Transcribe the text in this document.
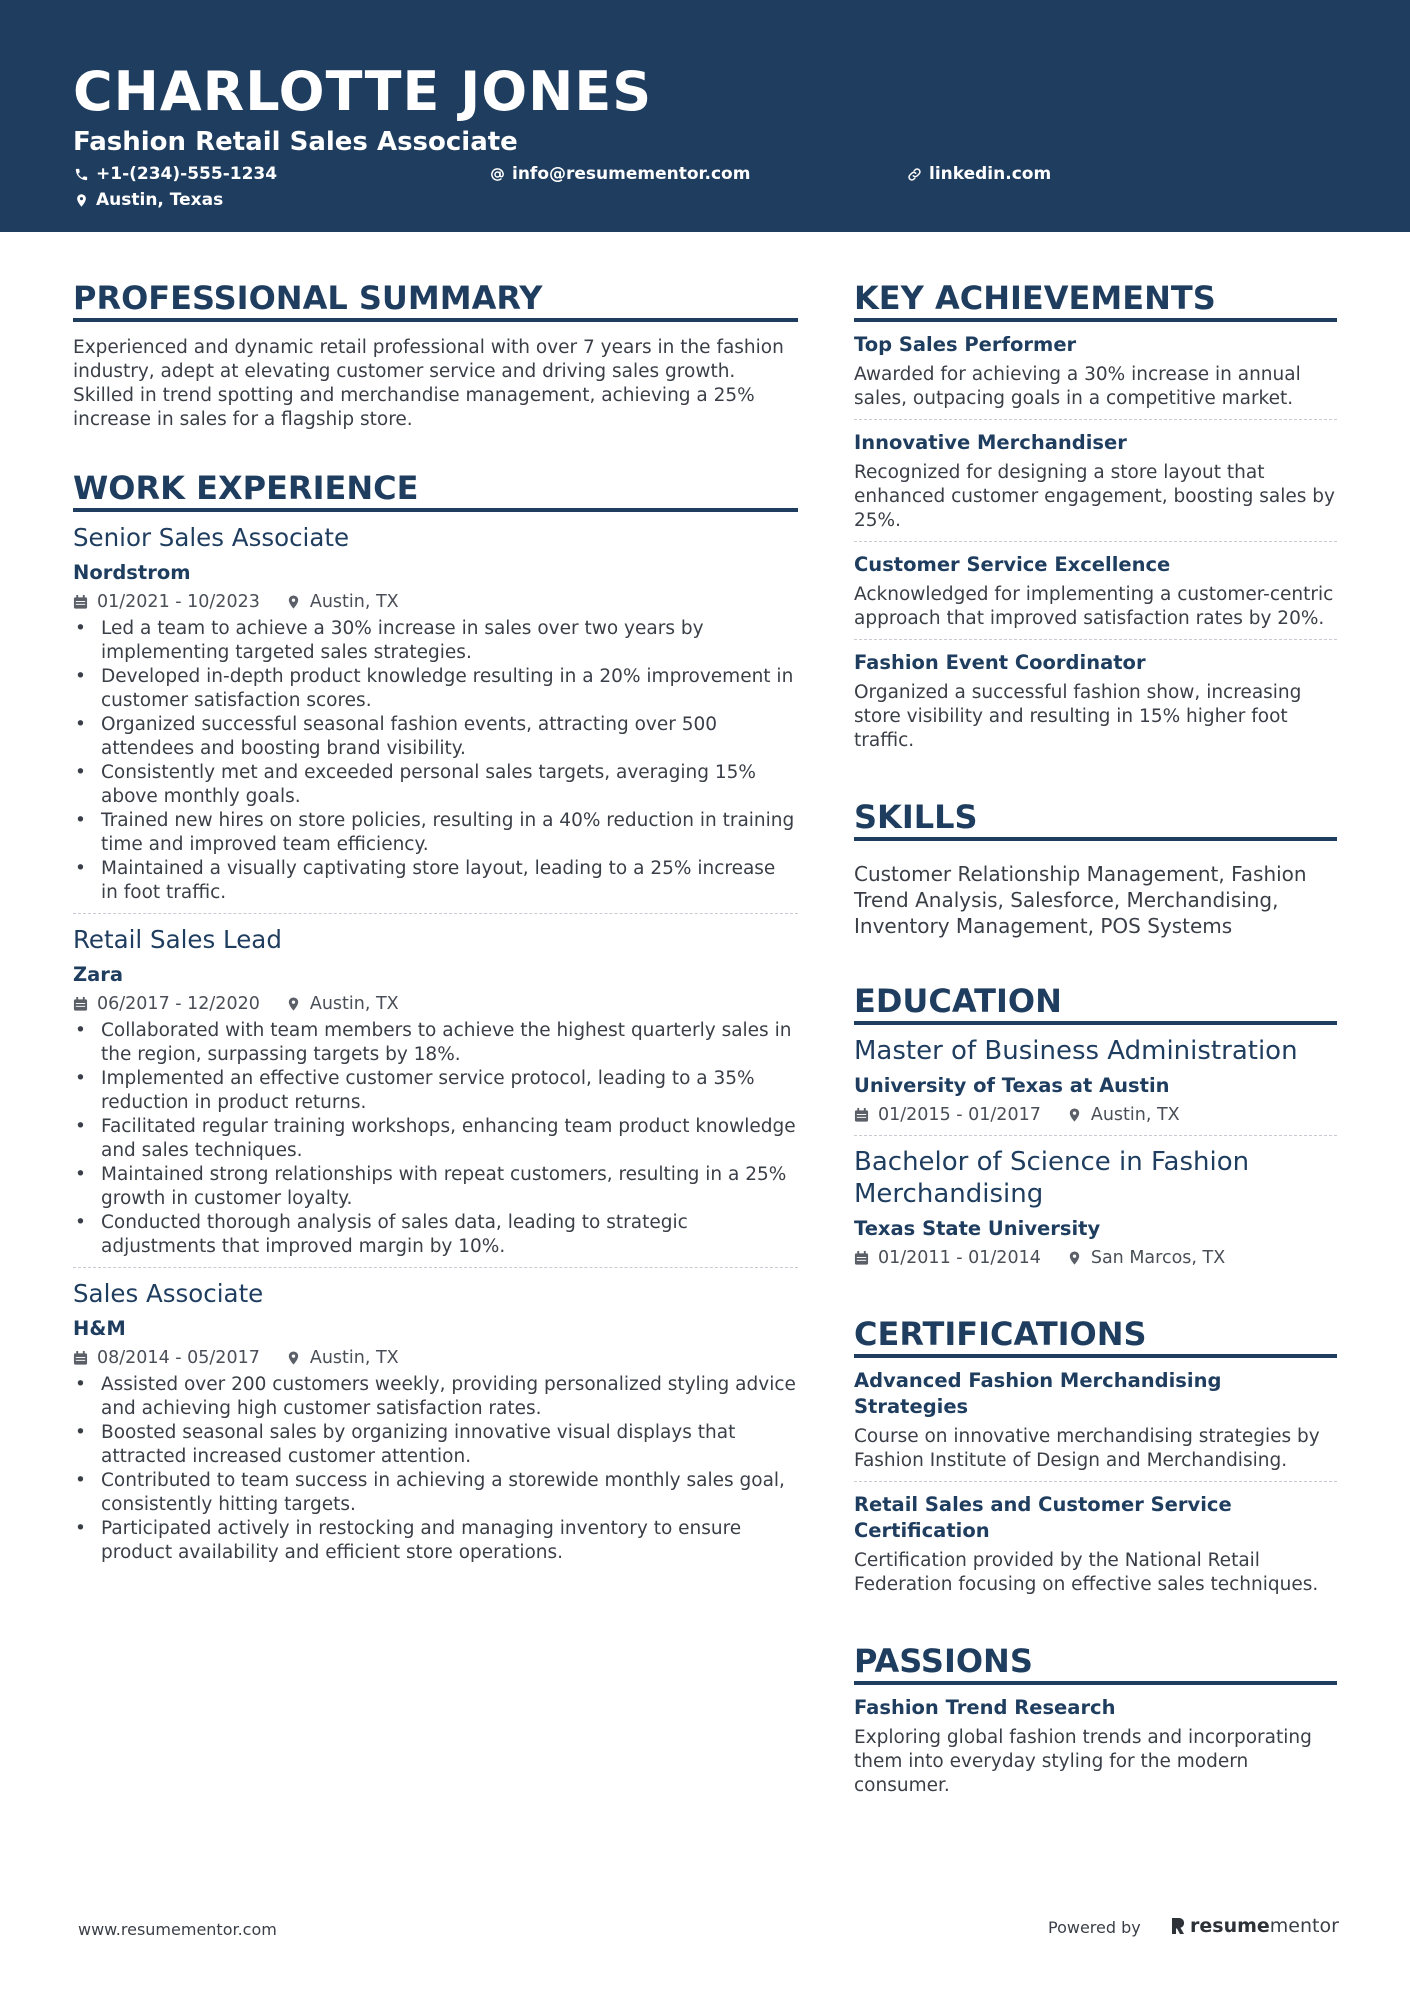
CHARLOTTE JONES
Fashion Retail Sales Associate
+1-(234)-555-1234	info@resumementor.com	linkedin.com
Austin, Texas
PROFESSIONAL SUMMARY
Experienced and dynamic retail professional with over 7 years in the fashion industry, adept at elevating customer service and driving sales growth. Skilled in trend spotting and merchandise management, achieving a 25% increase in sales for a flagship store.
WORK EXPERIENCE
Senior Sales Associate
Nordstrom
01/2021 - 10/2023	Austin, TX
• Led a team to achieve a 30% increase in sales over two years by implementing targeted sales strategies.
• Developed in-depth product knowledge resulting in a 20% improvement in customer satisfaction scores.
• Organized successful seasonal fashion events, attracting over 500 attendees and boosting brand visibility.
• Consistently met and exceeded personal sales targets, averaging 15% above monthly goals.
• Trained new hires on store policies, resulting in a 40% reduction in training time and improved team efficiency.
• Maintained a visually captivating store layout, leading to a 25% increase in foot traffic.
Retail Sales Lead
Zara
06/2017 - 12/2020	Austin, TX
• Collaborated with team members to achieve the highest quarterly sales in the region, surpassing targets by 18%.
• Implemented an effective customer service protocol, leading to a 35% reduction in product returns.
• Facilitated regular training workshops, enhancing team product knowledge and sales techniques.
• Maintained strong relationships with repeat customers, resulting in a 25% growth in customer loyalty.
• Conducted thorough analysis of sales data, leading to strategic adjustments that improved margin by 10%.
Sales Associate
H&M
08/2014 - 05/2017	Austin, TX
• Assisted over 200 customers weekly, providing personalized styling advice and achieving high customer satisfaction rates.
• Boosted seasonal sales by organizing innovative visual displays that attracted increased customer attention.
• Contributed to team success in achieving a storewide monthly sales goal, consistently hitting targets.
• Participated actively in restocking and managing inventory to ensure product availability and efficient store operations.
KEY ACHIEVEMENTS
Top Sales Performer
Awarded for achieving a 30% increase in annual sales, outpacing goals in a competitive market.
Innovative Merchandiser
Recognized for designing a store layout that enhanced customer engagement, boosting sales by 25%.
Customer Service Excellence
Acknowledged for implementing a customer-centric approach that improved satisfaction rates by 20%.
Fashion Event Coordinator
Organized a successful fashion show, increasing store visibility and resulting in 15% higher foot traffic.
SKILLS
Customer Relationship Management, Fashion Trend Analysis, Salesforce, Merchandising, Inventory Management, POS Systems
EDUCATION
Master of Business Administration
University of Texas at Austin
01/2015 - 01/2017	Austin, TX
Bachelor of Science in Fashion Merchandising
Texas State University
01/2011 - 01/2014	San Marcos, TX
CERTIFICATIONS
Advanced Fashion Merchandising Strategies
Course on innovative merchandising strategies by Fashion Institute of Design and Merchandising.
Retail Sales and Customer Service Certification
Certification provided by the National Retail Federation focusing on effective sales techniques.
PASSIONS
Fashion Trend Research
Exploring global fashion trends and incorporating them into everyday styling for the modern consumer.
www.resumementor.com	Powered by	resumementor
